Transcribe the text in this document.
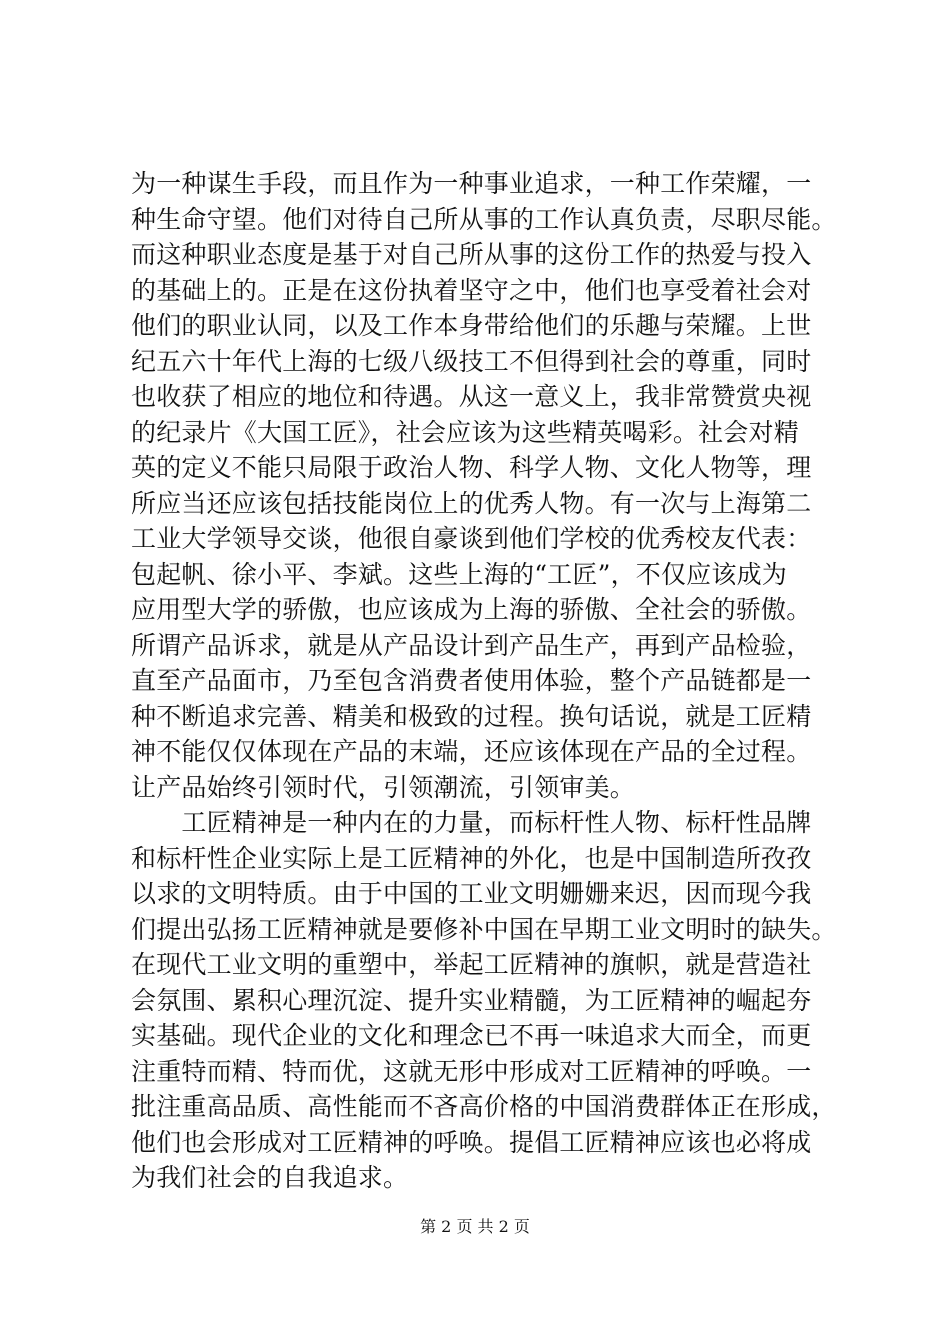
为一种谋生手段，而且作为一种事业追求，一种工作荣耀，一
种生命守望。他们对待自己所从事的工作认真负责，尽职尽能。
而这种职业态度是基于对自己所从事的这份工作的热爱与投入
的基础上的。正是在这份执着坚守之中，他们也享受着社会对
他们的职业认同，以及工作本身带给他们的乐趣与荣耀。上世
纪五六十年代上海的七级八级技工不但得到社会的尊重，同时
也收获了相应的地位和待遇。从这一意义上，我非常赞赏央视
的纪录片《大国工匠》，社会应该为这些精英喝彩。社会对精
英的定义不能只局限于政治人物、科学人物、文化人物等，理
所应当还应该包括技能岗位上的优秀人物。有一次与上海第二
工业大学领导交谈，他很自豪谈到他们学校的优秀校友代表：
包起帆、徐小平、李斌。这些上海的“工匠”，不仅应该成为
应用型大学的骄傲，也应该成为上海的骄傲、全社会的骄傲。
所谓产品诉求，就是从产品设计到产品生产，再到产品检验，
直至产品面市，乃至包含消费者使用体验，整个产品链都是一
种不断追求完善、精美和极致的过程。换句话说，就是工匠精
神不能仅仅体现在产品的末端，还应该体现在产品的全过程。
让产品始终引领时代，引领潮流，引领审美。
　　工匠精神是一种内在的力量，而标杆性人物、标杆性品牌
和标杆性企业实际上是工匠精神的外化，也是中国制造所孜孜
以求的文明特质。由于中国的工业文明姗姗来迟，因而现今我
们提出弘扬工匠精神就是要修补中国在早期工业文明时的缺失。
在现代工业文明的重塑中，举起工匠精神的旗帜，就是营造社
会氛围、累积心理沉淀、提升实业精髓，为工匠精神的崛起夯
实基础。现代企业的文化和理念已不再一味追求大而全，而更
注重特而精、特而优，这就无形中形成对工匠精神的呼唤。一
批注重高品质、高性能而不吝高价格的中国消费群体正在形成，
他们也会形成对工匠精神的呼唤。提倡工匠精神应该也必将成
为我们社会的自我追求。
第 2 页 共 2 页
